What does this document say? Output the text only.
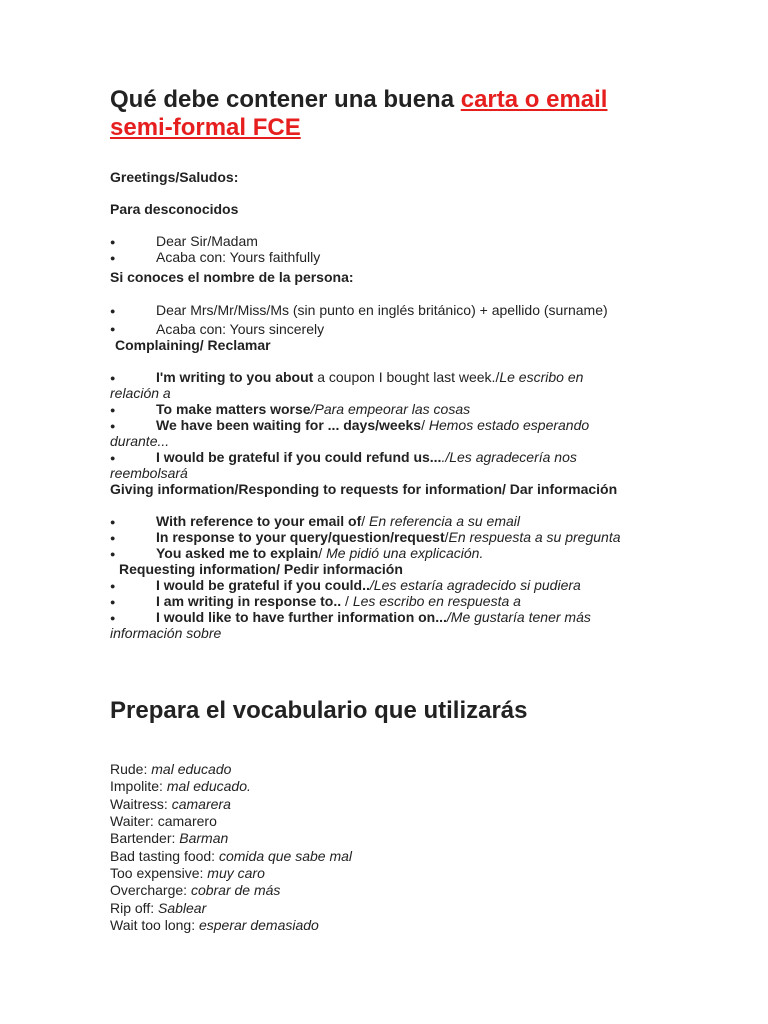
Qué debe contener una buena carta o email semi-formal FCE
Greetings/Saludos:
Para desconocidos
●	Dear Sir/Madam
●	Acaba con: Yours faithfully
Si conoces el nombre de la persona:
●	Dear Mrs/Mr/Miss/Ms (sin punto en inglés británico) + apellido (surname)
●	Acaba con: Yours sincerely
Complaining/ Reclamar
●	I'm writing to you about a coupon I bought last week./Le escribo en
relación a
●	To make matters worse/Para empeorar las cosas
●	We have been waiting for ... days/weeks/ Hemos estado esperando
durante...
●	I would be grateful if you could refund us..../Les agradecería nos
reembolsará
Giving information/Responding to requests for information/ Dar información
●	With reference to your email of/ En referencia a su email
●	In response to your query/question/request/En respuesta a su pregunta
●	You asked me to explain/ Me pidió una explicación.
Requesting information/ Pedir información
●	I would be grateful if you could../Les estaría agradecido si pudiera
●	I am writing in response to.. / Les escribo en respuesta a
●	I would like to have further information on.../Me gustaría tener más
información sobre
Prepara el vocabulario que utilizarás
Rude: mal educado
Impolite: mal educado.
Waitress: camarera
Waiter: camarero
Bartender: Barman
Bad tasting food: comida que sabe mal
Too expensive: muy caro
Overcharge: cobrar de más
Rip off: Sablear
Wait too long: esperar demasiado
